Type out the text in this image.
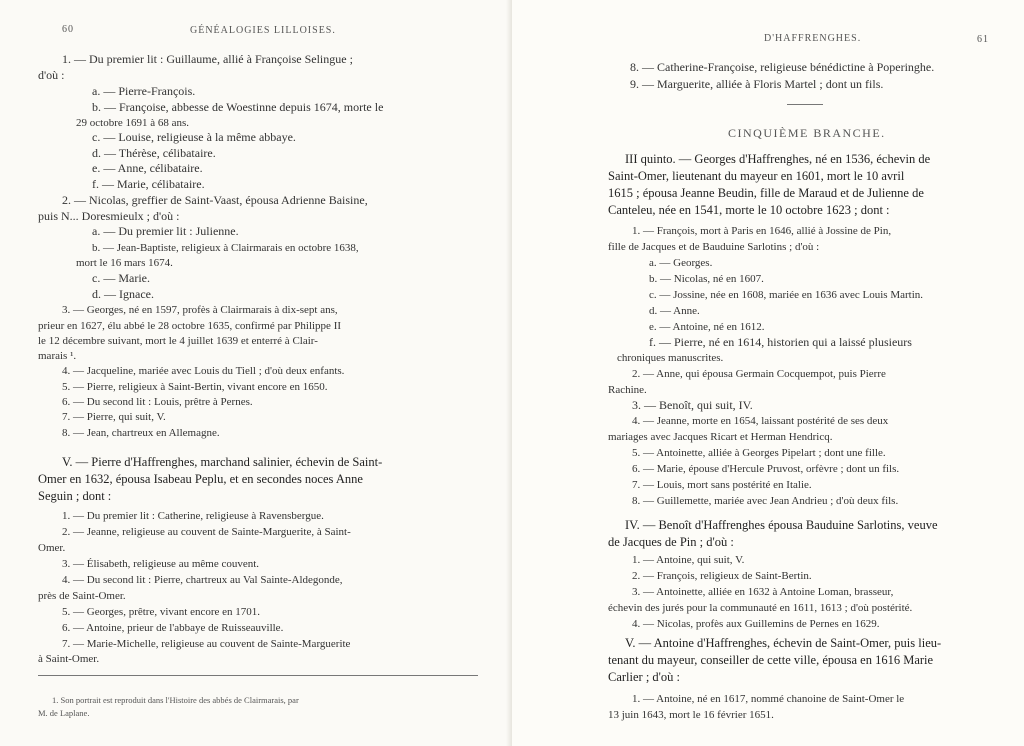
60	GÉNÉALOGIES LILLOISES.
1. — Du premier lit : Guillaume, allié à Françoise Selingue ;
d'où :
a. — Pierre-François.
b. — Françoise, abbesse de Woestinne depuis 1674, morte le
29 octobre 1691 à 68 ans.
c. — Louise, religieuse à la même abbaye.
d. — Thérèse, célibataire.
e. — Anne, célibataire.
f. — Marie, célibataire.
2. — Nicolas, greffier de Saint-Vaast, épousa Adrienne Baisine,
puis N... Doresmieulx ; d'où :
a. — Du premier lit : Julienne.
b. — Jean-Baptiste, religieux à Clairmarais en octobre 1638,
mort le 16 mars 1674.
c. — Marie.
d. — Ignace.
3. — Georges, né en 1597, profès à Clairmarais à dix-sept ans,
prieur en 1627, élu abbé le 28 octobre 1635, confirmé par Philippe II
le 12 décembre suivant, mort le 4 juillet 1639 et enterré à Clair-
marais ¹.
4. — Jacqueline, mariée avec Louis du Tiell ; d'où deux enfants.
5. — Pierre, religieux à Saint-Bertin, vivant encore en 1650.
6. — Du second lit : Louis, prêtre à Pernes.
7. — Pierre, qui suit, V.
8. — Jean, chartreux en Allemagne.
V. — Pierre d'Haffrenghes, marchand salinier, échevin de Saint-
Omer en 1632, épousa Isabeau Peplu, et en secondes noces Anne
Seguin ; dont :
1. — Du premier lit : Catherine, religieuse à Ravensbergue.
2. — Jeanne, religieuse au couvent de Sainte-Marguerite, à Saint-
Omer.
3. — Élisabeth, religieuse au même couvent.
4. — Du second lit : Pierre, chartreux au Val Sainte-Aldegonde,
près de Saint-Omer.
5. — Georges, prêtre, vivant encore en 1701.
6. — Antoine, prieur de l'abbaye de Ruisseauville.
7. — Marie-Michelle, religieuse au couvent de Sainte-Marguerite
à Saint-Omer.
1. Son portrait est reproduit dans l'Histoire des abbés de Clairmarais, par
M. de Laplane.
D'HAFFRENGHES.	61
8. — Catherine-Françoise, religieuse bénédictine à Poperinghe.
9. — Marguerite, alliée à Floris Martel ; dont un fils.
CINQUIÈME BRANCHE.
III quinto. — Georges d'Haffrenghes, né en 1536, échevin de
Saint-Omer, lieutenant du mayeur en 1601, mort le 10 avril
1615 ; épousa Jeanne Beudin, fille de Maraud et de Julienne de
Canteleu, née en 1541, morte le 10 octobre 1623 ; dont :
1. — François, mort à Paris en 1646, allié à Jossine de Pin,
fille de Jacques et de Bauduine Sarlotins ; d'où :
a. — Georges.
b. — Nicolas, né en 1607.
c. — Jossine, née en 1608, mariée en 1636 avec Louis Martin.
d. — Anne.
e. — Antoine, né en 1612.
f. — Pierre, né en 1614, historien qui a laissé plusieurs
chroniques manuscrites.
2. — Anne, qui épousa Germain Cocquempot, puis Pierre
Rachine.
3. — Benoît, qui suit, IV.
4. — Jeanne, morte en 1654, laissant postérité de ses deux
mariages avec Jacques Ricart et Herman Hendricq.
5. — Antoinette, alliée à Georges Pipelart ; dont une fille.
6. — Marie, épouse d'Hercule Pruvost, orfèvre ; dont un fils.
7. — Louis, mort sans postérité en Italie.
8. — Guillemette, mariée avec Jean Andrieu ; d'où deux fils.
IV. — Benoît d'Haffrenghes épousa Bauduine Sarlotins, veuve
de Jacques de Pin ; d'où :
1. — Antoine, qui suit, V.
2. — François, religieux de Saint-Bertin.
3. — Antoinette, alliée en 1632 à Antoine Loman, brasseur,
échevin des jurés pour la communauté en 1611, 1613 ; d'où postérité.
4. — Nicolas, profès aux Guillemins de Pernes en 1629.
V. — Antoine d'Haffrenghes, échevin de Saint-Omer, puis lieu-
tenant du mayeur, conseiller de cette ville, épousa en 1616 Marie
Carlier ; d'où :
1. — Antoine, né en 1617, nommé chanoine de Saint-Omer le
13 juin 1643, mort le 16 février 1651.
